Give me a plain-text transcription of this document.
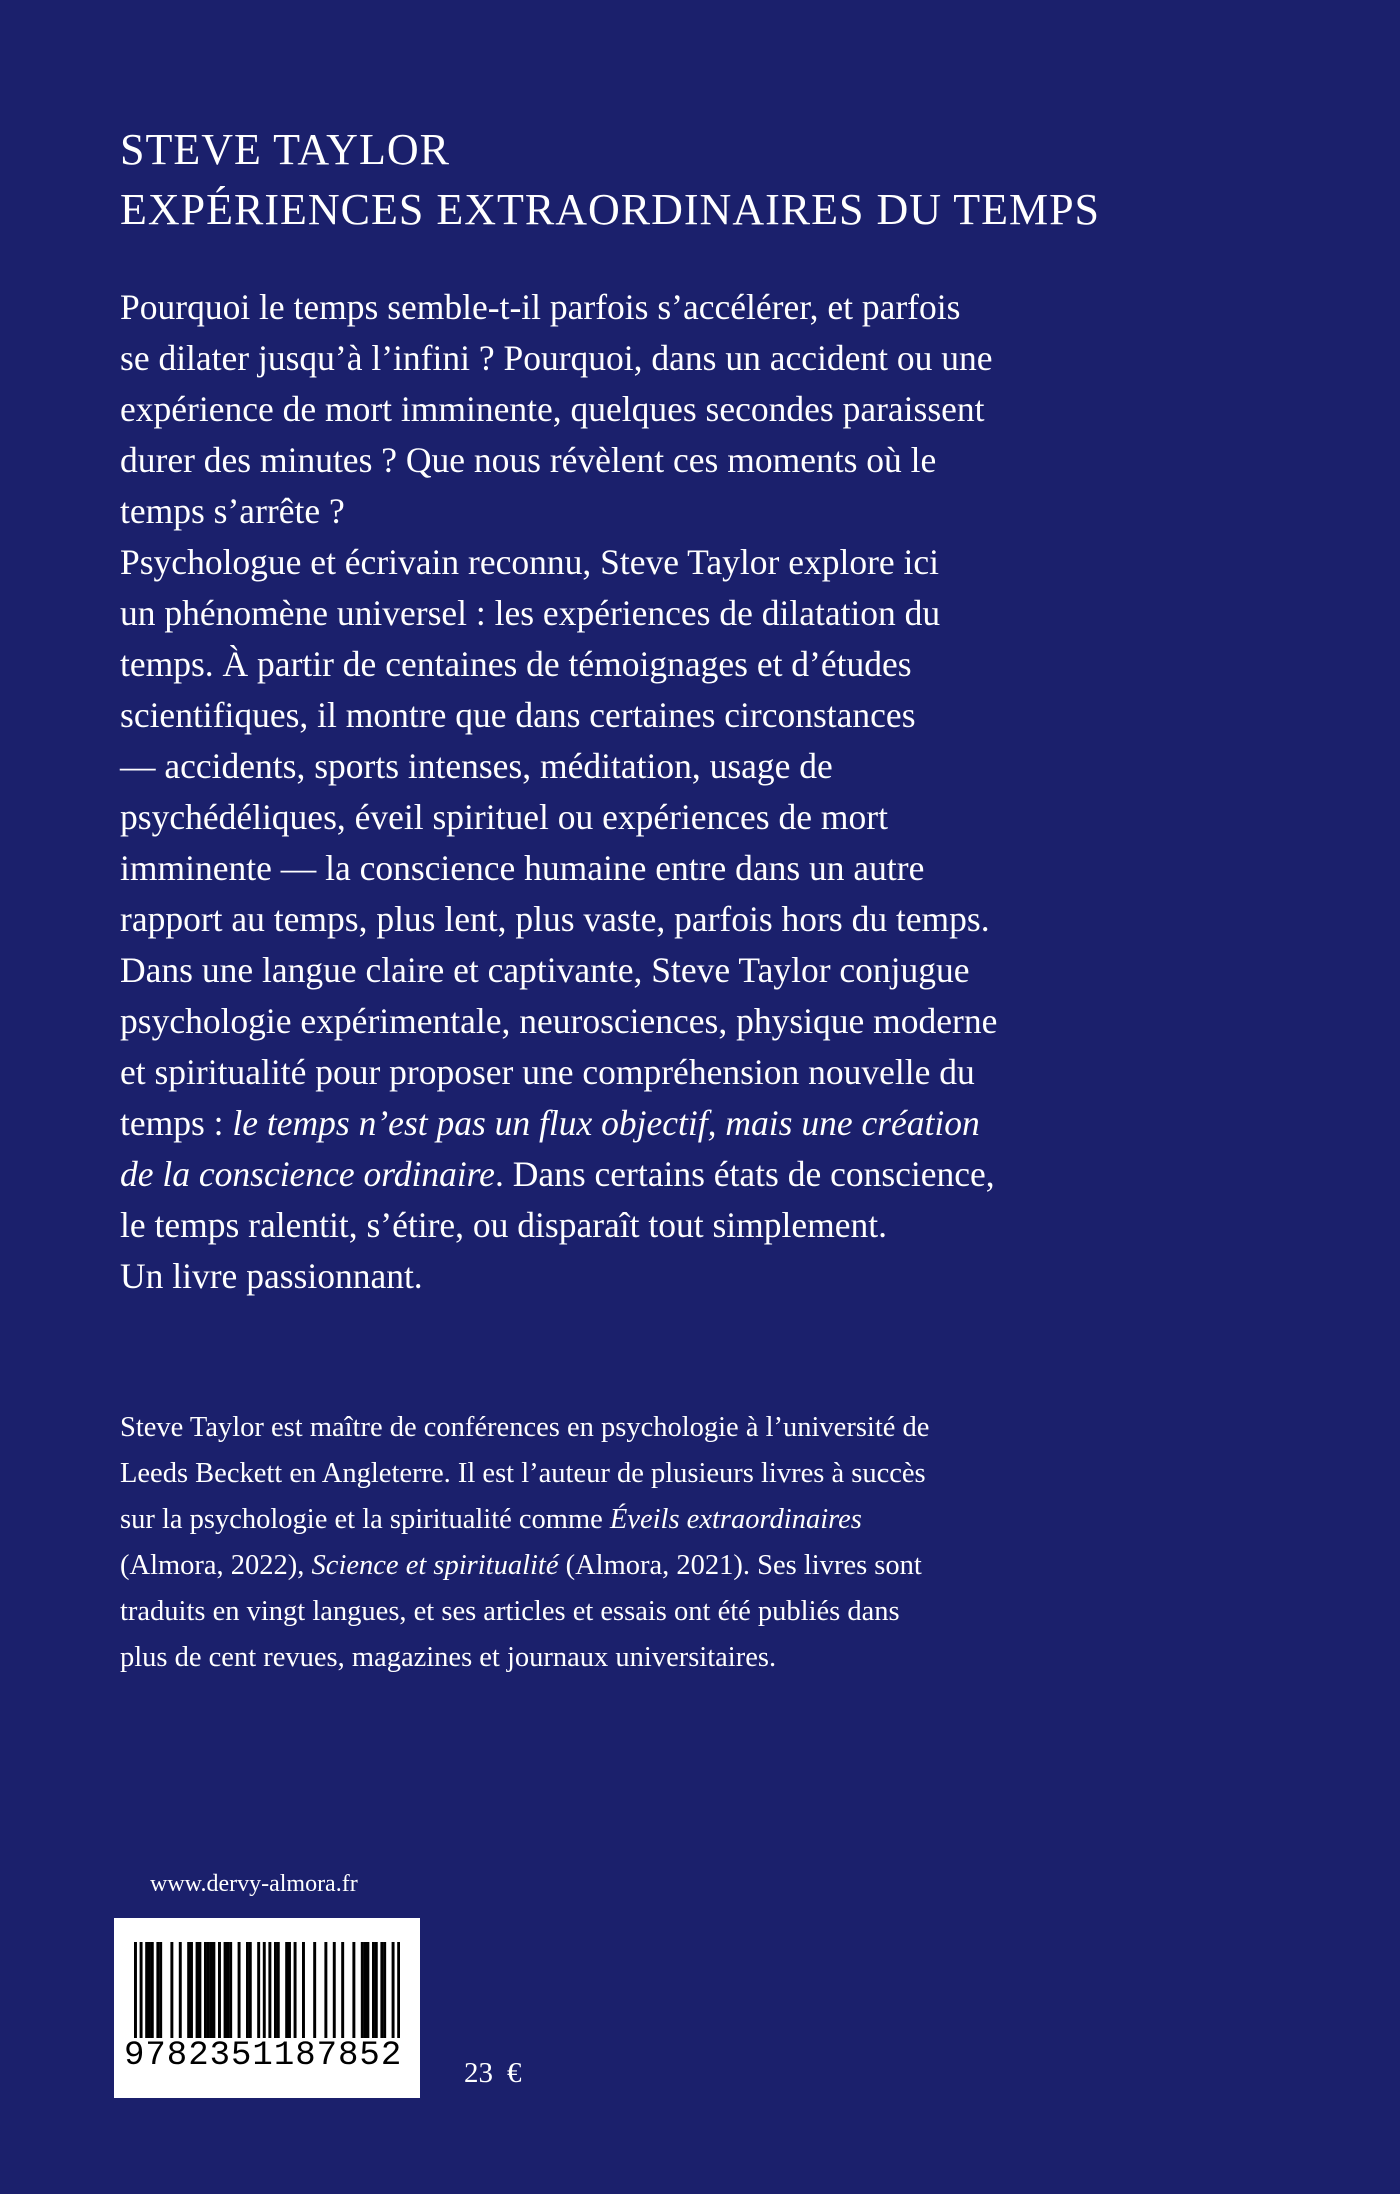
STEVE TAYLOR
EXPÉRIENCES EXTRAORDINAIRES DU TEMPS
Pourquoi le temps semble-t-il parfois s’accélérer, et parfois
se dilater jusqu’à l’infini ? Pourquoi, dans un accident ou une
expérience de mort imminente, quelques secondes paraissent
durer des minutes ? Que nous révèlent ces moments où le
temps s’arrête ?
Psychologue et écrivain reconnu, Steve Taylor explore ici
un phénomène universel : les expériences de dilatation du
temps. À partir de centaines de témoignages et d’études
scientifiques, il montre que dans certaines circonstances
— accidents, sports intenses, méditation, usage de
psychédéliques, éveil spirituel ou expériences de mort
imminente — la conscience humaine entre dans un autre
rapport au temps, plus lent, plus vaste, parfois hors du temps.
Dans une langue claire et captivante, Steve Taylor conjugue
psychologie expérimentale, neurosciences, physique moderne
et spiritualité pour proposer une compréhension nouvelle du
temps : le temps n’est pas un flux objectif, mais une création
de la conscience ordinaire. Dans certains états de conscience,
le temps ralentit, s’étire, ou disparaît tout simplement.
Un livre passionnant.
Steve Taylor est maître de conférences en psychologie à l’université de
Leeds Beckett en Angleterre. Il est l’auteur de plusieurs livres à succès
sur la psychologie et la spiritualité comme Éveils extraordinaires
(Almora, 2022), Science et spiritualité (Almora, 2021). Ses livres sont
traduits en vingt langues, et ses articles et essais ont été publiés dans
plus de cent revues, magazines et journaux universitaires.
www.dervy-almora.fr
9782351187852 23 €
